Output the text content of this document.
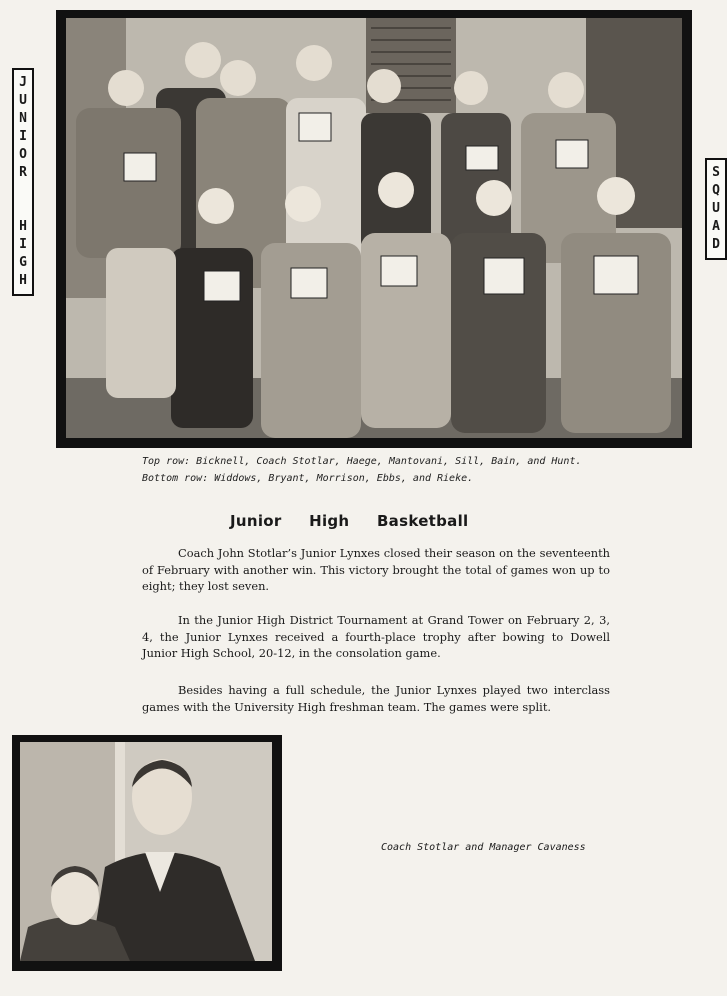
J
U
N
I
O
R
H
I
G
H
S
Q
U
A
D

Top row: Bicknell, Coach Stotlar, Haege, Mantovani, Sill, Bain, and Hunt.

Bottom row: Widdows, Bryant, Morrison, Ebbs, and Rieke.

Junior High Basketball

Coach John Stotlar’s Junior Lynxes closed their season on the seventeenth of February with another win. This victory brought the total of games won up to eight; they lost seven.

In the Junior High District Tournament at Grand Tower on February 2, 3, 4, the Junior Lynxes received a fourth-place trophy after bowing to Dowell Junior High School, 20-12, in the consolation game.

Besides having a full schedule, the Junior Lynxes played two interclass games with the University High freshman team. The games were split.

Coach Stotlar and Manager Cavaness
